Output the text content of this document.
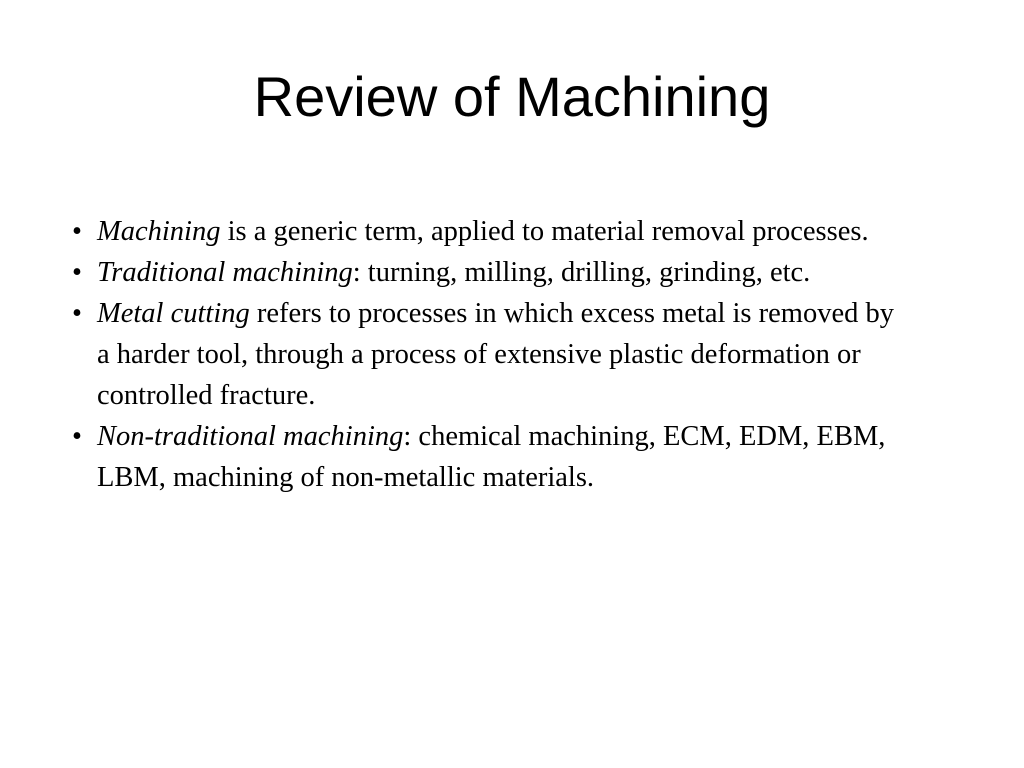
Review of Machining
• Machining is a generic term, applied to material removal processes.
• Traditional machining: turning, milling, drilling, grinding, etc.
• Metal cutting refers to processes in which excess metal is removed by a harder tool, through a process of extensive plastic deformation or controlled fracture.
• Non-traditional machining: chemical machining, ECM, EDM, EBM, LBM, machining of non-metallic materials.
